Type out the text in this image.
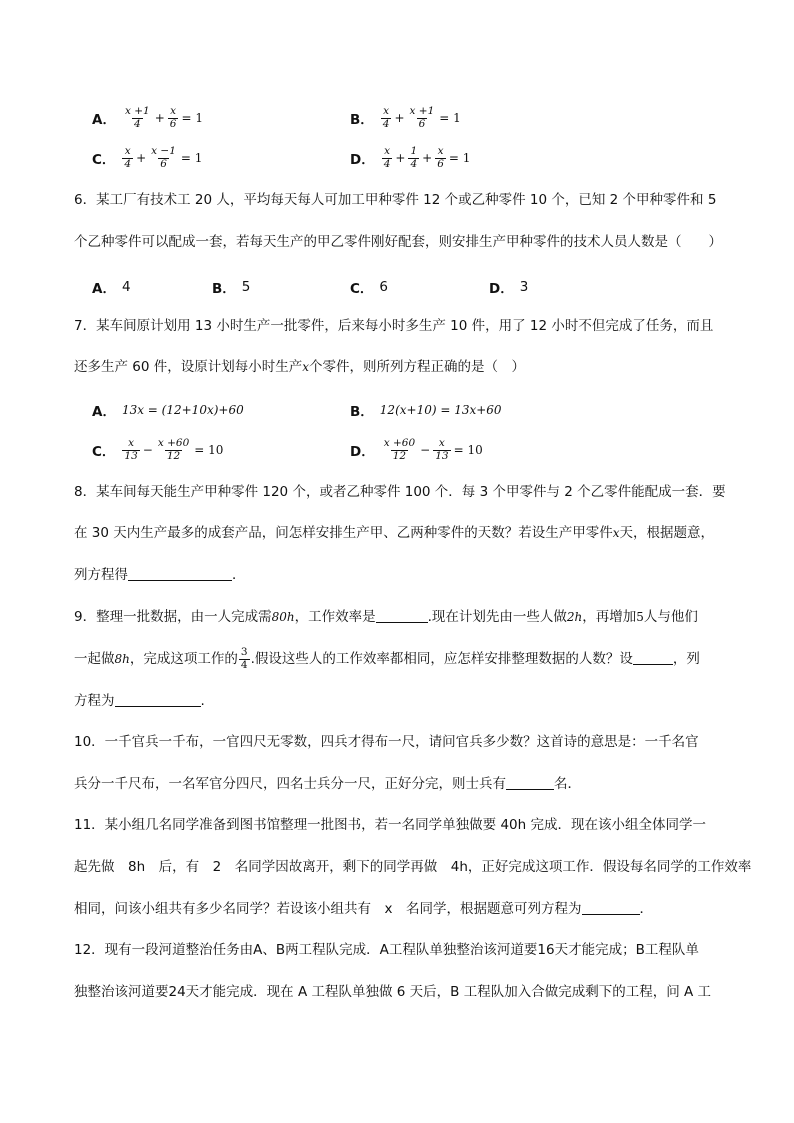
A．
x +1
$4 + \frac{x}{6} = 1$	B．
x
$4 + \frac{x +1}{6} = 1$
C．
x
$4 + \frac{x -1}{6} = 1$	D．
x
$4 + \frac{1}{4} + \frac{x}{6} = 1$
6．某工厂有技术工 20 人，平均每天每人可加工甲种零件 12 个或乙种零件 10 个，已知 2 个甲种零件和 5
个乙种零件可以配成一套，若每天生产的甲乙零件刚好配套，则安排生产甲种零件的技术人员人数是（　　）
A． 4	B． 5	C． 6	D． 3
7．某车间原计划用 13 小时生产一批零件，后来每小时多生产 10 件，用了 12 小时不但完成了任务，而且
还多生产 60 件，设原计划每小时生产x个零件，则所列方程正确的是（　）
A． 13x = (12+10x)+60	B． 12(x+10) = 13x+60
C．
x
$13 - \frac{x +60}{12} = 10$	D．
x +60
$12 - \frac{x}{13} = 10$
8．某车间每天能生产甲种零件 120 个，或者乙种零件 100 个．每 3 个甲零件与 2 个乙零件能配成一套．要
在 30 天内生产最多的成套产品，问怎样安排生产甲、乙两种零件的天数？若设生产甲零件x天，根据题意，
列方程得	．
9．整理一批数据，由一人完成需80h，工作效率是	.现在计划先由一些人做2h，再增加5人与他们
一起做8h，完成这项工作的 $\frac{3}{4}$ .假设这些人的工作效率都相同，应怎样安排整理数据的人数？设	，列
方程为	.
10．一千官兵一千布，一官四尺无零数，四兵才得布一尺，请问官兵多少数？这首诗的意思是：一千名官
兵分一千尺布，一名军官分四尺，四名士兵分一尺，正好分完，则士兵有	名．
11．某小组几名同学准备到图书馆整理一批图书，若一名同学单独做要 40h 完成．现在该小组全体同学一
起先做　8h　后，有　2　名同学因故离开，剩下的同学再做　4h，正好完成这项工作．假设每名同学的工作效率
相同，问该小组共有多少名同学？若设该小组共有　x　名同学，根据题意可列方程为	．
12．现有一段河道整治任务由A、B两工程队完成．A工程队单独整治该河道要16天才能完成；B工程队单
独整治该河道要24天才能完成．现在 A 工程队单独做 6 天后，B 工程队加入合做完成剩下的工程，问 A 工
